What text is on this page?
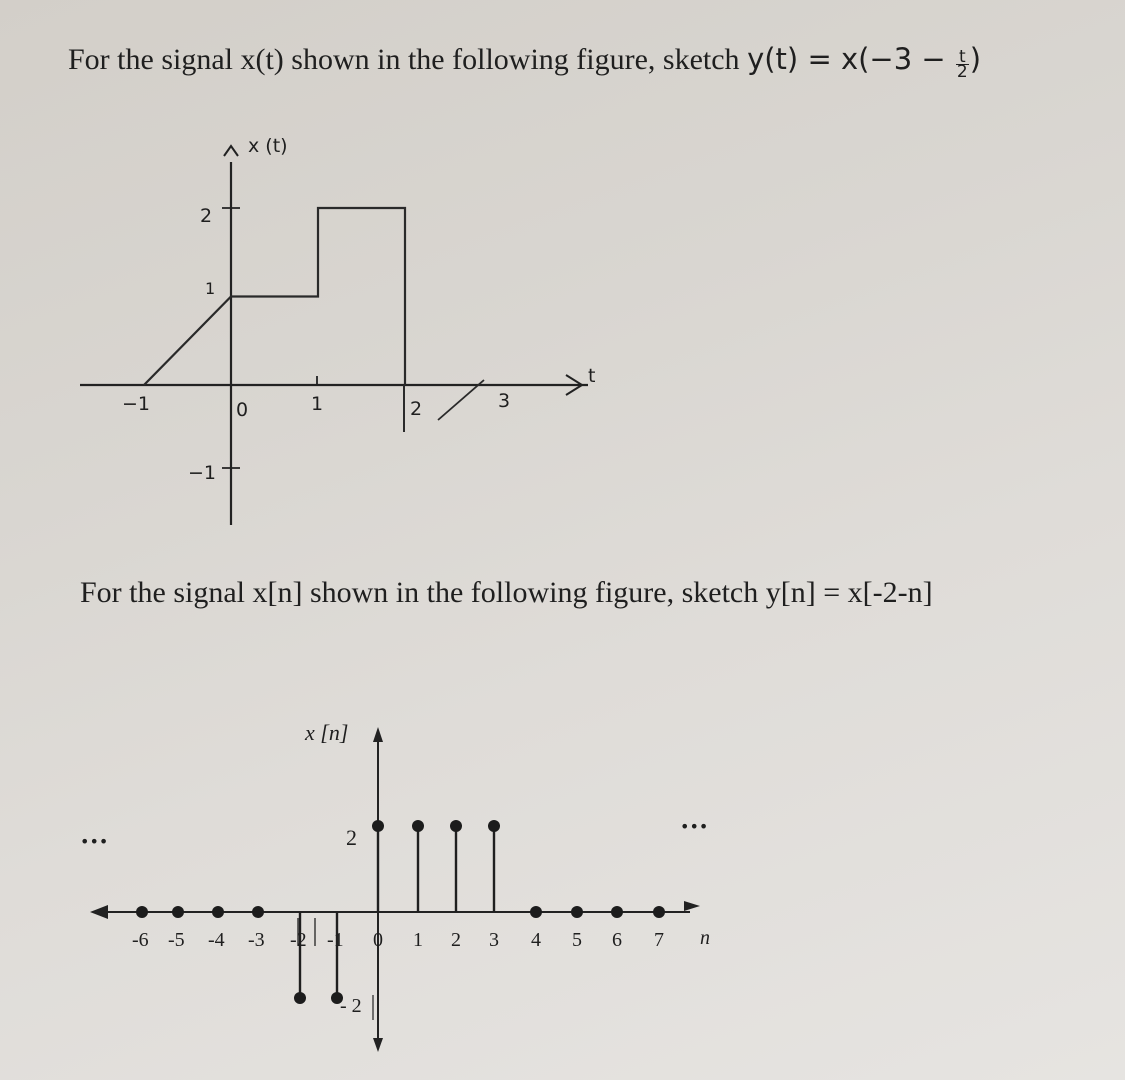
For the signal x(t) shown in the following figure, sketch $y(t) = x(-3 - \frac{t}{2}$ )

For the signal x[n] shown in the following figure, sketch y[n] = x[-2-n]

x (t)
t
−1	0	1	2	3
2
1
−1
-6 -5 -4 -3 -2 -1 0 1 2 3 4 5 6 7
x [n]
n
•••
•••
2
- 2
